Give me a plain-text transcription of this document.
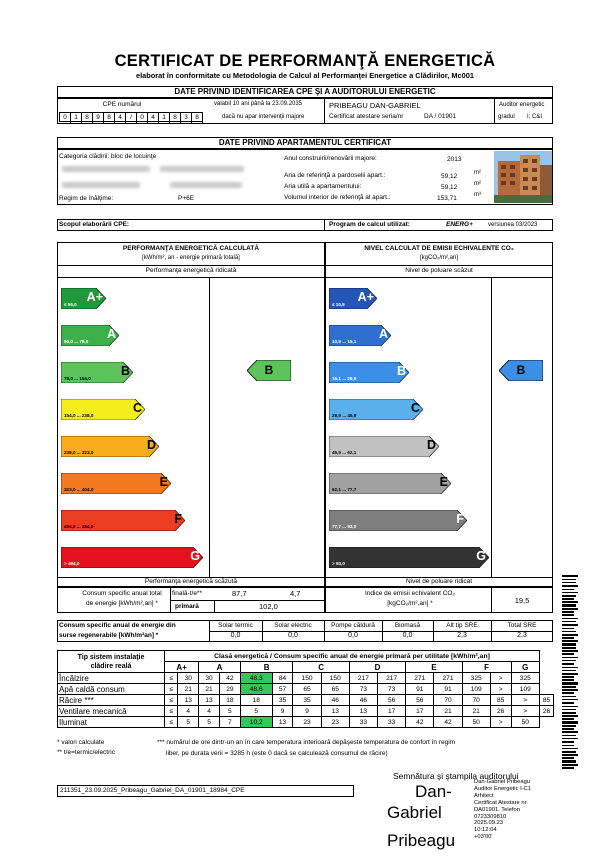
CERTIFICAT DE PERFORMANŢĂ ENERGETICĂ
elaborat în conformitate cu Metodologia de Calcul al Performanţei Energetice a Clădirilor, Mc001
DATE PRIVIND IDENTIFICAREA CPE ŞI A AUDITORULUI ENERGETIC
CPE numărul
0 1 8 9 8 4 / 0 4 1 8 3 8
valabil 10 ani până la 23.09.2035
dacă nu apar intervenţii majore
PRIBEAGU DAN-GABRIEL	Auditor energetic
Certificat atestare seria/nr	DA / 01901	gradul I; C&I
DATE PRIVIND APARTAMENTUL CERTIFICAT
Categoria clădirii: bloc de locuinţe
Regim de înălţime:	P+6E
Anul construirii/renovării majore:	2013
Aria de referinţă a pardoselii apart.:	59,12	m²
Aria utilă a apartamentului:	59,12	m²
Volumul interior de referinţă al apart.:	153,71	m³
Scopul elaborării CPE:	Program de calcul utilizat:	ENERG+	versiunea 03/2023
PERFORMANŢA ENERGETICĂ CALCULATĂ
[kWh/m², an - energie primară totală]
NIVEL CALCULAT DE EMISII ECHIVALENTE CO₂
[kgCO₂/m²,an]
Performanţa energetică ridicată	Nivel de poluare scăzut
Performanţa energetică scăzută	Nivel de poluare ridicat
≤ 56,0
A+
56,0 ... 78,0
A
78,0 ... 154,0
B
154,0 ... 238,0
C
238,0 ... 323,0
D
323,0 ... 404,0
E
404,0 ... 484,0
F
> 484,0
G
≤ 10,9
A+
10,9 ... 15,1
A
15,1 ... 29,9
B
29,9 ... 45,9
C
45,9 ... 62,1
D
62,1 ... 77,7
E
77,7 ... 93,0
F
> 93,0
G
B	B
Consum specific anual total
de energie [kWh/m²,an] *
finală-t/e**	87,7	4,7
primară	102,0
Indice de emisii echivalent CO₂
[kgCO₂/m²,an] *	19,5
Consum specific anual de energie din
surse regenerabile [kWh/m²an] *
Solar termic
0,0
Solar electric
0,0
Pompe căldură
0,0
Biomasă
0,0
Alt tip SRE
2,3
Total SRE
2,3
Tip sistem instalaţie
clădire reală	Clasă energetică / Consum specific anual de energie primară per utilitate [kWh/m²,an]															
	A+		A		B		C		D		E		F		G	
Încălzire	≤	30	30	42	48,3	84	150	150	217	217	271	271	325	>	325	
Apă caldă consum	≤	21	21	29	48,6	57	65	65	73	73	91	91	109	>	109	
Răcire ***	≤	13	13	18	18	35	35	46	46	56	56	70	70	85	>	85
Ventilare mecanică	≤	4	4	5	5	9	9	13	13	17	17	21	21	26	>	26
Iluminat	≤	5	5	7	10,2	13	23	23	33	33	42	42	50	>	50	
* valori calculate
** t/e=termic/electric
*** numărul de ore dintr-un an în care temperatura interioară depăşeste temperatura de confort în regim
liber, pe durata verii = 3285 h (este 0 dacă se calculează consumul de răcire)
211351_23.09.2025_Pribeagu_Gabriel_DA_01901_18984_CPE
Semnătura şi ştampila auditorului
Dan-
Gabriel
Pribeagu
Dan-Gabriel Pribeagu
Auditor Energetic I-C1
Arhitect
Certificat Atestare nr.
DA01901. Telefon
0723309810
2025.09.23
10:12:04
+03'00'
